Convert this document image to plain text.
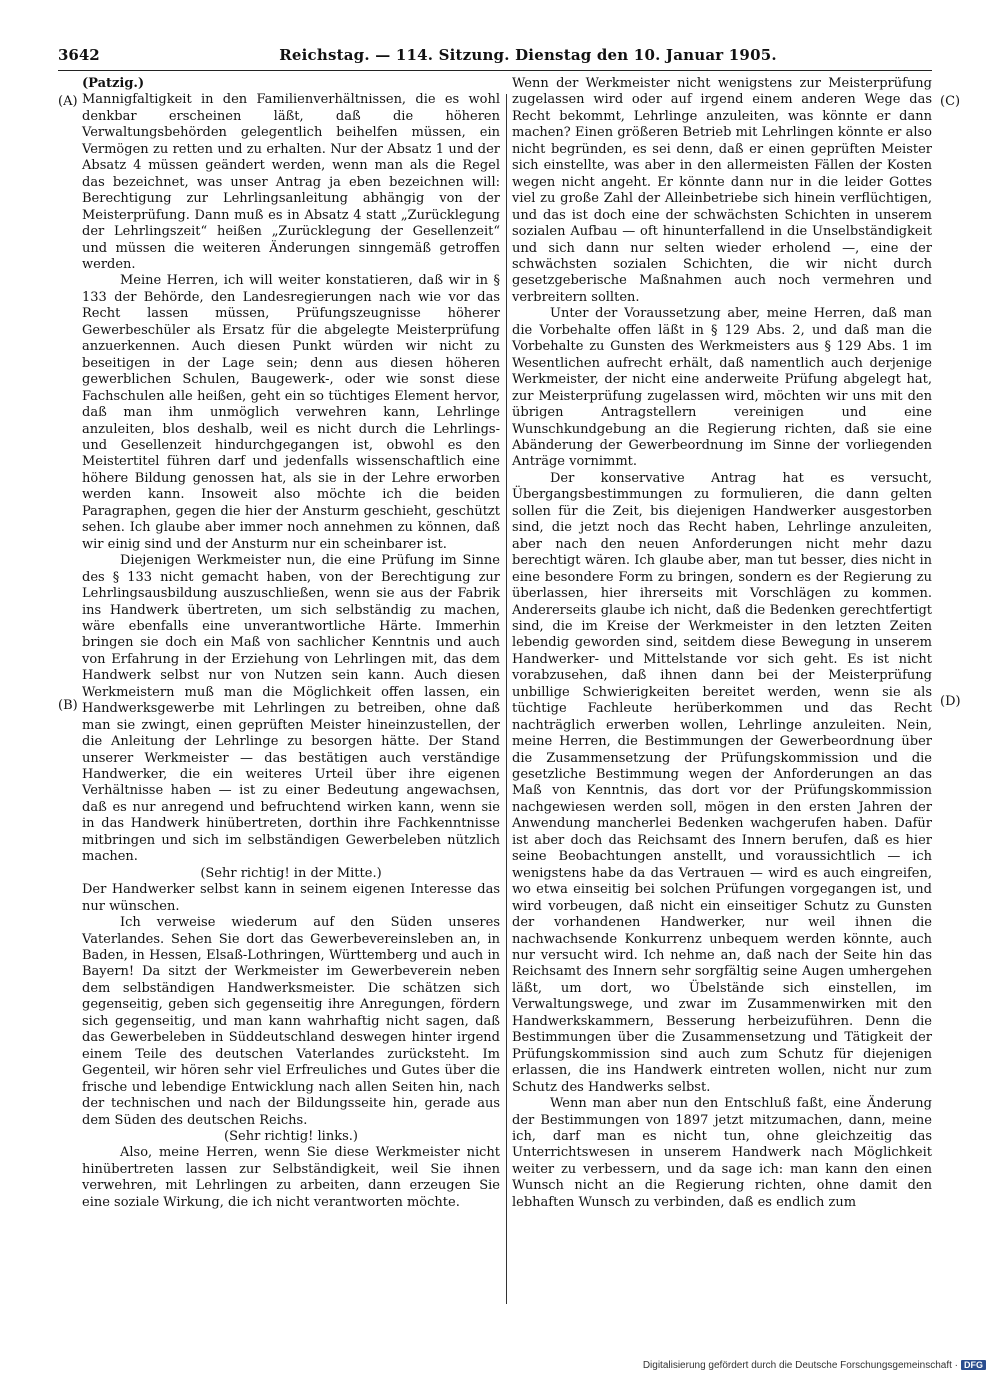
3642	Reichstag. — 114. Sitzung. Dienstag den 10. Januar 1905.
(A)
(B)
(C)
(D)

(Patzig.)

Mannigfaltigkeit in den Familienverhältnissen, die es wohl denkbar erscheinen läßt, daß die höheren Verwaltungsbehörden gelegentlich beihelfen müssen, ein Vermögen zu retten und zu erhalten. Nur der Absatz 1 und der Absatz 4 müssen geändert werden, wenn man als die Regel das bezeichnet, was unser Antrag ja eben bezeichnen will: Berechtigung zur Lehrlingsanleitung abhängig von der Meisterprüfung. Dann muß es in Absatz 4 statt „Zurücklegung der Lehrlingszeit“ heißen „Zurücklegung der Gesellenzeit“ und müssen die weiteren Änderungen sinngemäß getroffen werden.

Meine Herren, ich will weiter konstatieren, daß wir in § 133 der Behörde, den Landesregierungen nach wie vor das Recht lassen müssen, Prüfungszeugnisse höherer Gewerbeschüler als Ersatz für die abgelegte Meisterprüfung anzuerkennen. Auch diesen Punkt würden wir nicht zu beseitigen in der Lage sein; denn aus diesen höheren gewerblichen Schulen, Baugewerk-, oder wie sonst diese Fachschulen alle heißen, geht ein so tüchtiges Element hervor, daß man ihm unmöglich verwehren kann, Lehrlinge anzuleiten, blos deshalb, weil es nicht durch die Lehrlings- und Gesellenzeit hindurchgegangen ist, obwohl es den Meistertitel führen darf und jedenfalls wissenschaftlich eine höhere Bildung genossen hat, als sie in der Lehre erworben werden kann. Insoweit also möchte ich die beiden Paragraphen, gegen die hier der Ansturm geschieht, geschützt sehen. Ich glaube aber immer noch annehmen zu können, daß wir einig sind und der Ansturm nur ein scheinbarer ist.

Diejenigen Werkmeister nun, die eine Prüfung im Sinne des § 133 nicht gemacht haben, von der Berechtigung zur Lehrlingsausbildung auszuschließen, wenn sie aus der Fabrik ins Handwerk übertreten, um sich selbständig zu machen, wäre ebenfalls eine unverantwortliche Härte. Immerhin bringen sie doch ein Maß von sachlicher Kenntnis und auch von Erfahrung in der Erziehung von Lehrlingen mit, das dem Handwerk selbst nur von Nutzen sein kann. Auch diesen Werkmeistern muß man die Möglichkeit offen lassen, ein Handwerksgewerbe mit Lehrlingen zu betreiben, ohne daß man sie zwingt, einen geprüften Meister hineinzustellen, der die Anleitung der Lehrlinge zu besorgen hätte. Der Stand unserer Werkmeister — das bestätigen auch verständige Handwerker, die ein weiteres Urteil über ihre eigenen Verhältnisse haben — ist zu einer Bedeutung angewachsen, daß es nur anregend und befruchtend wirken kann, wenn sie in das Handwerk hinübertreten, dorthin ihre Fachkenntnisse mitbringen und sich im selbständigen Gewerbeleben nützlich machen.

(Sehr richtig! in der Mitte.)

Der Handwerker selbst kann in seinem eigenen Interesse das nur wünschen.

Ich verweise wiederum auf den Süden unseres Vaterlandes. Sehen Sie dort das Gewerbevereinsleben an, in Baden, in Hessen, Elsaß-Lothringen, Württemberg und auch in Bayern! Da sitzt der Werkmeister im Gewerbeverein neben dem selbständigen Handwerksmeister. Die schätzen sich gegenseitig, geben sich gegenseitig ihre Anregungen, fördern sich gegenseitig, und man kann wahrhaftig nicht sagen, daß das Gewerbeleben in Süddeutschland deswegen hinter irgend einem Teile des deutschen Vaterlandes zurücksteht. Im Gegenteil, wir hören sehr viel Erfreuliches und Gutes über die frische und lebendige Entwicklung nach allen Seiten hin, nach der technischen und nach der Bildungsseite hin, gerade aus dem Süden des deutschen Reichs.

(Sehr richtig! links.)

Also, meine Herren, wenn Sie diese Werkmeister nicht hinübertreten lassen zur Selbständigkeit, weil Sie ihnen verwehren, mit Lehrlingen zu arbeiten, dann erzeugen Sie eine soziale Wirkung, die ich nicht verantworten möchte.

Wenn der Werkmeister nicht wenigstens zur Meisterprüfung zugelassen wird oder auf irgend einem anderen Wege das Recht bekommt, Lehrlinge anzuleiten, was könnte er dann machen? Einen größeren Betrieb mit Lehrlingen könnte er also nicht begründen, es sei denn, daß er einen geprüften Meister sich einstellte, was aber in den allermeisten Fällen der Kosten wegen nicht angeht. Er könnte dann nur in die leider Gottes viel zu große Zahl der Alleinbetriebe sich hinein verflüchtigen, und das ist doch eine der schwächsten Schichten in unserem sozialen Aufbau — oft hinunterfallend in die Unselbständigkeit und sich dann nur selten wieder erholend —, eine der schwächsten sozialen Schichten, die wir nicht durch gesetzgeberische Maßnahmen auch noch vermehren und verbreitern sollten.

Unter der Voraussetzung aber, meine Herren, daß man die Vorbehalte offen läßt in § 129 Abs. 2, und daß man die Vorbehalte zu Gunsten des Werkmeisters aus § 129 Abs. 1 im Wesentlichen aufrecht erhält, daß namentlich auch derjenige Werkmeister, der nicht eine anderweite Prüfung abgelegt hat, zur Meisterprüfung zugelassen wird, möchten wir uns mit den übrigen Antragstellern vereinigen und eine Wunschkundgebung an die Regierung richten, daß sie eine Abänderung der Gewerbeordnung im Sinne der vorliegenden Anträge vornimmt.

Der konservative Antrag hat es versucht, Übergangsbestimmungen zu formulieren, die dann gelten sollen für die Zeit, bis diejenigen Handwerker ausgestorben sind, die jetzt noch das Recht haben, Lehrlinge anzuleiten, aber nach den neuen Anforderungen nicht mehr dazu berechtigt wären. Ich glaube aber, man tut besser, dies nicht in eine besondere Form zu bringen, sondern es der Regierung zu überlassen, hier ihrerseits mit Vorschlägen zu kommen. Andererseits glaube ich nicht, daß die Bedenken gerechtfertigt sind, die im Kreise der Werkmeister in den letzten Zeiten lebendig geworden sind, seitdem diese Bewegung in unserem Handwerker- und Mittelstande vor sich geht. Es ist nicht vorabzusehen, daß ihnen dann bei der Meisterprüfung unbillige Schwierigkeiten bereitet werden, wenn sie als tüchtige Fachleute herüberkommen und das Recht nachträglich erwerben wollen, Lehrlinge anzuleiten. Nein, meine Herren, die Bestimmungen der Gewerbeordnung über die Zusammensetzung der Prüfungskommission und die gesetzliche Bestimmung wegen der Anforderungen an das Maß von Kenntnis, das dort vor der Prüfungskommission nachgewiesen werden soll, mögen in den ersten Jahren der Anwendung mancherlei Bedenken wachgerufen haben. Dafür ist aber doch das Reichsamt des Innern berufen, daß es hier seine Beobachtungen anstellt, und voraussichtlich — ich wenigstens habe da das Vertrauen — wird es auch eingreifen, wo etwa einseitig bei solchen Prüfungen vorgegangen ist, und wird vorbeugen, daß nicht ein einseitiger Schutz zu Gunsten der vorhandenen Handwerker, nur weil ihnen die nachwachsende Konkurrenz unbequem werden könnte, auch nur versucht wird. Ich nehme an, daß nach der Seite hin das Reichsamt des Innern sehr sorgfältig seine Augen umhergehen läßt, um dort, wo Übelstände sich einstellen, im Verwaltungswege, und zwar im Zusammenwirken mit den Handwerkskammern, Besserung herbeizuführen. Denn die Bestimmungen über die Zusammensetzung und Tätigkeit der Prüfungskommission sind auch zum Schutz für diejenigen erlassen, die ins Handwerk eintreten wollen, nicht nur zum Schutz des Handwerks selbst.

Wenn man aber nun den Entschluß faßt, eine Änderung der Bestimmungen von 1897 jetzt mitzumachen, dann, meine ich, darf man es nicht tun, ohne gleichzeitig das Unterrichtswesen in unserem Handwerk nach Möglichkeit weiter zu verbessern, und da sage ich: man kann den einen Wunsch nicht an die Regierung richten, ohne damit den lebhaften Wunsch zu verbinden, daß es endlich zum

Digitalisierung gefördert durch die Deutsche Forschungsgemeinschaft · DFG
